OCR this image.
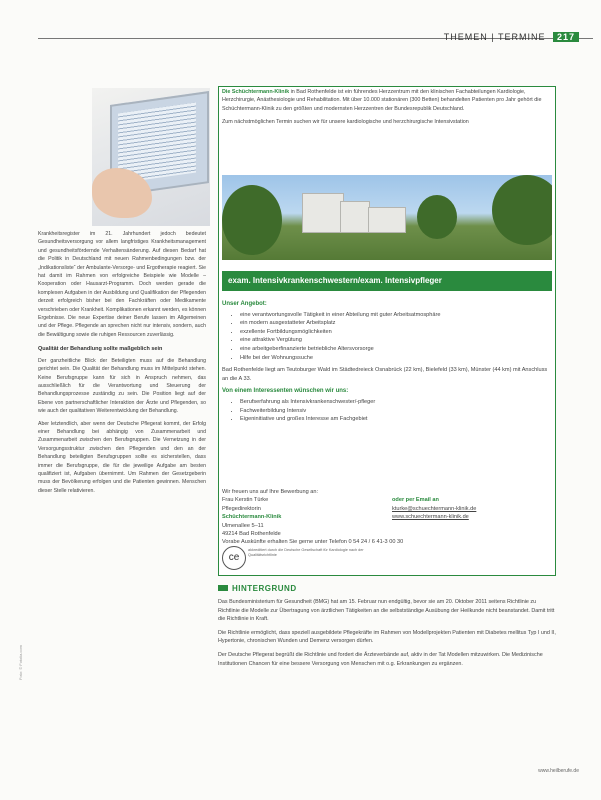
THEMEN | TERMINE 217

Krankheitsregister im 21. Jahrhundert jedoch bedeutet Gesundheitsversorgung vor allem langfristiges Krankheitsmanagement und gesundheitsfördernde Verhaltensänderung. Auf diesen Bedarf hat die Politik in Deutschland mit neuen Rahmenbedingungen bzw. der „Indikationsliste“ der Ambulante-Versorge- und Ergotherapie reagiert. Sie hat damit im Rahmen von erfolgreiche Beispiele wie Modelle – Kooperation oder Hausarzt-Programm. Doch werden gerade die komplexen Aufgaben in der Ausbildung und Qualifikation der Pflegenden derzeit erfolgreich bisher bei den Fachkräften oder Medikamente verschrieben oder Krankheit. Komplikationen erkannt werden, es können Ergebnisse. Die neue Expertise deiner Berufe lassen im Allgemeinen und der Pflege. Pflegende an sprechen nicht nur intensiv, sondern, auch die Bewältigung sowie die ruhigen Ressourcen zuverlässig.

Qualität der Behandlung sollte maßgeblich sein

Der ganzheitliche Blick der Beteiligten muss auf die Behandlung gerichtet sein. Die Qualität der Behandlung muss im Mittelpunkt stehen. Keine Berufsgruppe kann für sich in Anspruch nehmen, das ausschließlich für die Verantwortung und Steuerung der Behandlungsprozesse zuständig zu sein. Die Position liegt auf der Ebene von partnerschaftlicher Interaktion der Ärzte und Pflegenden, so wie auch der qualitativen Weiterentwicklung der Behandlung.

Aber letztendlich, aber wenn der Deutsche Pflegerat kommt, der Erfolg einer Behandlung bei abhängig von Zusammenarbeit und Zusammenarbeit zwischen den Berufsgruppen. Die Vernetzung in der Versorgungsstruktur zwischen den Pflegenden und den an der Behandlung beteiligten Berufsgruppen sollte es sicherstellen, dass immer die Berufsgruppe, die für die jeweilige Aufgabe am besten qualifiziert ist, Aufgaben übernimmt. Um Rahmen der Gesetzgeberin muss der Bevölkerung erfolgen und die Patienten gewinnen. Menschen dieser Stelle relativieren.

Foto: © Fotolia.com

Die Schüchtermann-Klinik in Bad Rothenfelde ist ein führendes Herzzentrum mit den klinischen Fachabteilungen Kardiologie, Herzchirurgie, Anästhesiologie und Rehabilitation. Mit über 10.000 stationären (300 Betten) behandelten Patienten pro Jahr gehört die Schüchtermann-Klinik zu den größten und modernsten Herzzentren der Bundesrepublik Deutschland.

Zum nächstmöglichen Termin suchen wir für unsere kardiologische und herzchirurgische Intensivstation

exam. Intensivkrankenschwestern/exam. Intensivpfleger
Unser Angebot:
• eine verantwortungsvolle Tätigkeit in einer Abteilung mit guter Arbeitsatmosphäre
• ein modern ausgestatteter Arbeitsplatz
• exzellente Fortbildungsmöglichkeiten
• eine attraktive Vergütung
• eine arbeitgeberfinanzierte betriebliche Altersvorsorge
• Hilfe bei der Wohnungssuche
Bad Rothenfelde liegt am Teutoburger Wald im Städtedreieck Osnabrück (22 km), Bielefeld (33 km), Münster (44 km) mit Anschluss an die A 33.
Von einem Interessenten wünschen wir uns:
• Berufserfahrung als Intensivkrankenschwester/-pfleger
• Fachweiterbildung Intensiv
• Eigeninitiative und großes Interesse am Fachgebiet
Wir freuen uns auf Ihre Bewerbung an:
Frau Kerstin Türke
Pflegedirektorin
Schüchtermann-Klinik
Ulmenallee 5–11
49214 Bad Rothenfelde
oder per Email an
kturke@schuechtermann-klinik.de
www.schuechtermann-klinik.de
Vorabe Auskünfte erhalten Sie gerne unter Telefon 0 54 24 / 6 41-3 00 30
ce
akkreditiert durch die Deutsche Gesellschaft für Kardiologie nach der Qualitätsrichtlinie
HINTERGRUND

Das Bundesministerium für Gesundheit (BMG) hat am 15. Februar nun endgültig, bevor sie am 20. Oktober 2011 seitens Richtlinie zu Richtlinie die Modelle zur Übertragung von ärztlichen Tätigkeiten an die selbstständige Ausübung der Heilkunde nicht beanstandet. Damit tritt die Richtlinie in Kraft.

Die Richtlinie ermöglicht, dass speziell ausgebildete Pflegekräfte im Rahmen von Modellprojekten Patienten mit Diabetes mellitus Typ I und II, Hypertonie, chronischen Wunden und Demenz versorgen dürfen.

Der Deutsche Pflegerat begrüßt die Richtlinie und fordert die Ärzteverbände auf, aktiv in der Tat Modellen mitzuwirken. Die Medizinische Institutionen Chancen für eine bessere Versorgung von Menschen mit o.g. Erkrankungen zu ergänzen.

www.heilberufe.de
